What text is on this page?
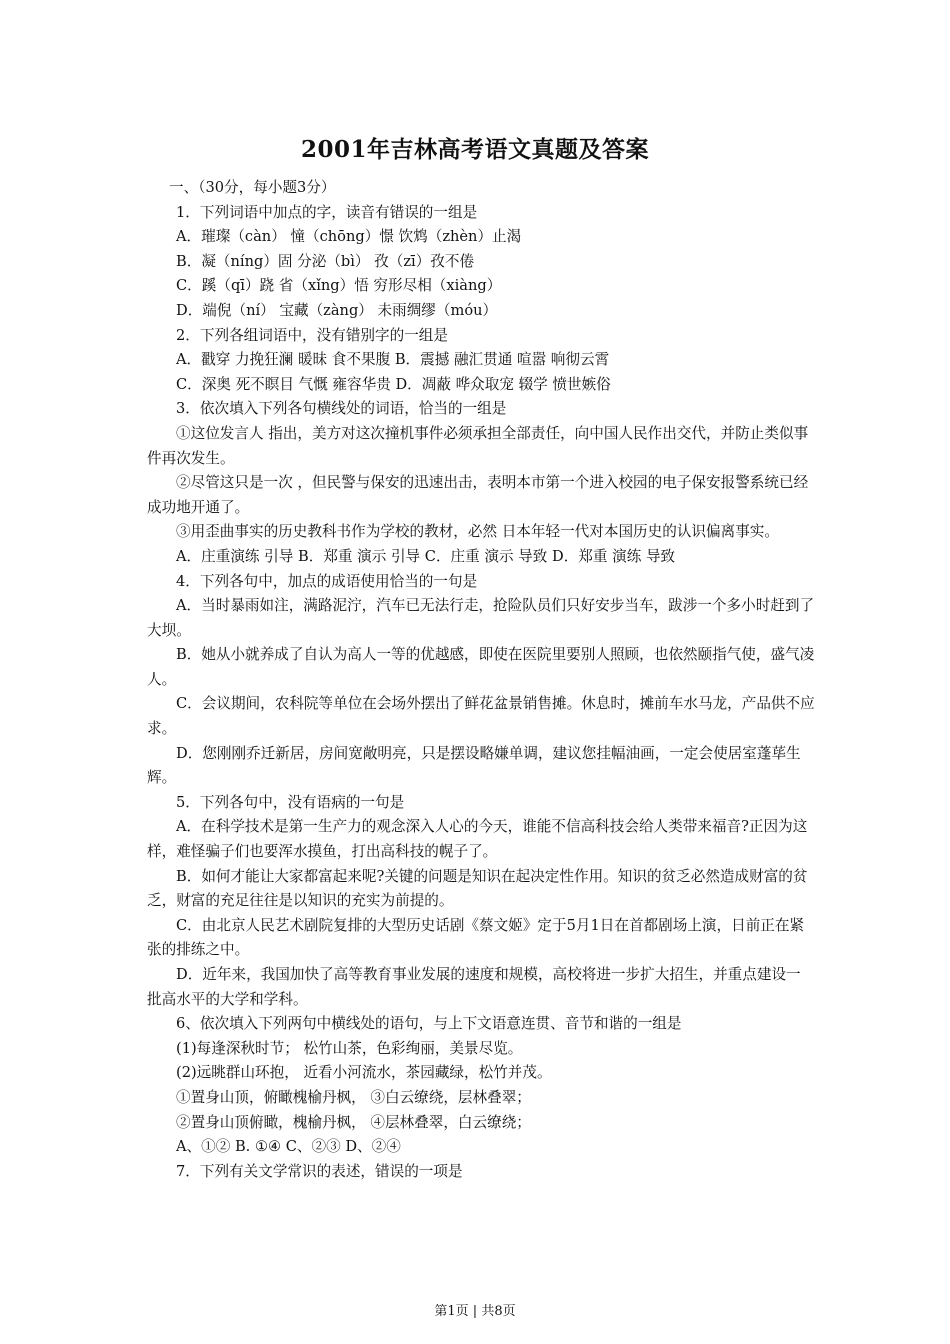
2001年吉林高考语文真题及答案

一、（30分，每小题3分）

1．下列词语中加点的字，读音有错误的一组是

A．璀璨（càn） 憧（chōng）憬 饮鸩（zhèn）止渴

B．凝（níng）固 分泌（bì） 孜（zī）孜不倦

C．蹊（qī）跷 省（xǐng）悟 穷形尽相（xiàng）

D．端倪（ní） 宝藏（zàng） 未雨绸缪（móu）

2．下列各组词语中，没有错别字的一组是

A．戳穿 力挽狂澜 暖昧 食不果腹 B．震撼 融汇贯通 喧嚣 响彻云霄

C．深奥 死不瞑目 气慨 雍容华贵 D．凋蔽 哗众取宠 辍学 愤世嫉俗

3．依次填入下列各句横线处的词语，恰当的一组是

①这位发言人 指出，美方对这次撞机事件必须承担全部责任，向中国人民作出交代，并防止类似事件再次发生。

②尽管这只是一次 ，但民警与保安的迅速出击，表明本市第一个进入校园的电子保安报警系统已经成功地开通了。

③用歪曲事实的历史教科书作为学校的教材，必然 日本年轻一代对本国历史的认识偏离事实。

A．庄重演练 引导 B．郑重 演示 引导 C．庄重 演示 导致 D．郑重 演练 导致

4．下列各句中，加点的成语使用恰当的一句是

A．当时暴雨如注，满路泥泞，汽车已无法行走，抢险队员们只好安步当车，跋涉一个多小时赶到了大坝。

B．她从小就养成了自认为高人一等的优越感，即使在医院里要别人照顾，也依然颐指气使，盛气凌人。

C．会议期间，农科院等单位在会场外摆出了鲜花盆景销售摊。休息时，摊前车水马龙，产品供不应求。

D．您刚刚乔迁新居，房间宽敞明亮，只是摆设略嫌单调，建议您挂幅油画，一定会使居室蓬荜生辉。

5．下列各句中，没有语病的一句是

A．在科学技术是第一生产力的观念深入人心的今天，谁能不信高科技会给人类带来福音?正因为这样，难怪骗子们也要浑水摸鱼，打出高科技的幌子了。

B．如何才能让大家都富起来呢?关键的问题是知识在起决定性作用。知识的贫乏必然造成财富的贫乏，财富的充足往往是以知识的充实为前提的。

C．由北京人民艺术剧院复排的大型历史话剧《蔡文姬》定于5月1日在首都剧场上演，日前正在紧张的排练之中。

D．近年来，我国加快了高等教育事业发展的速度和规模，高校将进一步扩大招生，并重点建设一批高水平的大学和学科。

6、依次填入下列两句中横线处的语句，与上下文语意连贯、音节和谐的一组是

(1)每逢深秋时节； 松竹山茶，色彩绚丽，美景尽览。

(2)远眺群山环抱， 近看小河流水，茶园藏绿，松竹并茂。

①置身山顶，俯瞰槐榆丹枫， ③白云缭绕，层林叠翠；

②置身山顶俯瞰，槐榆丹枫， ④层林叠翠，白云缭绕；

A、①② B. ①④ C、②③ D、②④

7．下列有关文学常识的表述，错误的一项是

第1页 | 共8页
